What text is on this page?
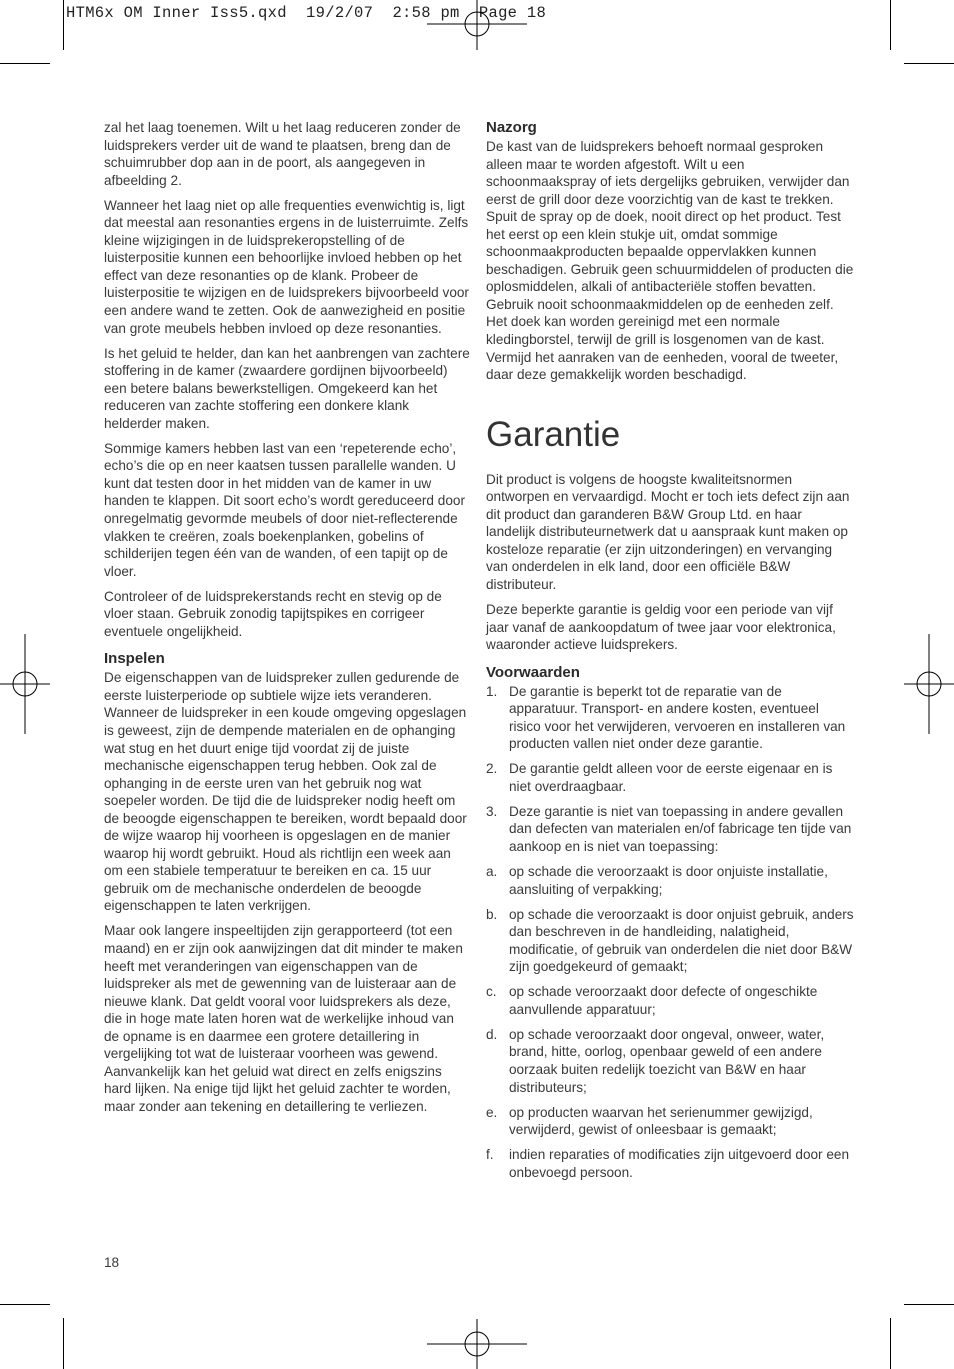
HTM6x OM Inner Iss5.qxd  19/2/07  2:58 pm  Page 18

zal het laag toenemen. Wilt u het laag reduceren zonder de luidsprekers verder uit de wand te plaatsen, breng dan de schuimrubber dop aan in de poort, als aangegeven in afbeelding 2.

Wanneer het laag niet op alle frequenties evenwichtig is, ligt dat meestal aan resonanties ergens in de luisterruimte. Zelfs kleine wijzigingen in de luidsprekeropstelling of de luisterpositie kunnen een behoorlijke invloed hebben op het effect van deze resonanties op de klank. Probeer de luisterpositie te wijzigen en de luidsprekers bijvoorbeeld voor een andere wand te zetten. Ook de aanwezigheid en positie van grote meubels hebben invloed op deze resonanties.

Is het geluid te helder, dan kan het aanbrengen van zachtere stoffering in de kamer (zwaardere gordijnen bijvoorbeeld) een betere balans bewerkstelligen. Omgekeerd kan het reduceren van zachte stoffering een donkere klank helderder maken.

Sommige kamers hebben last van een ‘repeterende echo’, echo’s die op en neer kaatsen tussen parallelle wanden. U kunt dat testen door in het midden van de kamer in uw handen te klappen. Dit soort echo’s wordt gereduceerd door onregelmatig gevormde meubels of door niet-reflecterende vlakken te creëren, zoals boekenplanken, gobelins of schilderijen tegen één van de wanden, of een tapijt op de vloer.

Controleer of de luidsprekerstands recht en stevig op de vloer staan. Gebruik zonodig tapijtspikes en corrigeer eventuele ongelijkheid.

Inspelen

De eigenschappen van de luidspreker zullen gedurende de eerste luisterperiode op subtiele wijze iets veranderen. Wanneer de luidspreker in een koude omgeving opgeslagen is geweest, zijn de dempende materialen en de ophanging wat stug en het duurt enige tijd voordat zij de juiste mechanische eigenschappen terug hebben. Ook zal de ophanging in de eerste uren van het gebruik nog wat soepeler worden. De tijd die de luidspreker nodig heeft om de beoogde eigenschappen te bereiken, wordt bepaald door de wijze waarop hij voorheen is opgeslagen en de manier waarop hij wordt gebruikt. Houd als richtlijn een week aan om een stabiele temperatuur te bereiken en ca. 15 uur gebruik om de mechanische onderdelen de beoogde eigenschappen te laten verkrijgen.

Maar ook langere inspeeltijden zijn gerapporteerd (tot een maand) en er zijn ook aanwijzingen dat dit minder te maken heeft met veranderingen van eigenschappen van de luidspreker als met de gewenning van de luisteraar aan de nieuwe klank. Dat geldt vooral voor luidsprekers als deze, die in hoge mate laten horen wat de werkelijke inhoud van de opname is en daarmee een grotere detaillering in vergelijking tot wat de luisteraar voorheen was gewend. Aanvankelijk kan het geluid wat direct en zelfs enigszins hard lijken. Na enige tijd lijkt het geluid zachter te worden, maar zonder aan tekening en detaillering te verliezen.

Nazorg

De kast van de luidsprekers behoeft normaal gesproken alleen maar te worden afgestoft. Wilt u een schoonmaakspray of iets dergelijks gebruiken, verwijder dan eerst de grill door deze voorzichtig van de kast te trekken. Spuit de spray op de doek, nooit direct op het product. Test het eerst op een klein stukje uit, omdat sommige schoonmaakproducten bepaalde oppervlakken kunnen beschadigen. Gebruik geen schuurmiddelen of producten die oplosmiddelen, alkali of antibacteriële stoffen bevatten. Gebruik nooit schoonmaakmiddelen op de eenheden zelf. Het doek kan worden gereinigd met een normale kledingborstel, terwijl de grill is losgenomen van de kast. Vermijd het aanraken van de eenheden, vooral de tweeter, daar deze gemakkelijk worden beschadigd.

Garantie

Dit product is volgens de hoogste kwaliteitsnormen ontworpen en vervaardigd. Mocht er toch iets defect zijn aan dit product dan garanderen B&W Group Ltd. en haar landelijk distributeurnetwerk dat u aanspraak kunt maken op kosteloze reparatie (er zijn uitzonderingen) en vervanging van onderdelen in elk land, door een officiële B&W distributeur.

Deze beperkte garantie is geldig voor een periode van vijf jaar vanaf de aankoopdatum of twee jaar voor elektronica, waaronder actieve luidsprekers.

Voorwaarden
1. De garantie is beperkt tot de reparatie van de apparatuur. Transport- en andere kosten, eventueel risico voor het verwijderen, vervoeren en installeren van producten vallen niet onder deze garantie.
2. De garantie geldt alleen voor de eerste eigenaar en is niet overdraagbaar.
3. Deze garantie is niet van toepassing in andere gevallen dan defecten van materialen en/of fabricage ten tijde van aankoop en is niet van toepassing:
a. op schade die veroorzaakt is door onjuiste installatie, aansluiting of verpakking;
b. op schade die veroorzaakt is door onjuist gebruik, anders dan beschreven in de handleiding, nalatigheid, modificatie, of gebruik van onderdelen die niet door B&W zijn goedgekeurd of gemaakt;
c. op schade veroorzaakt door defecte of ongeschikte aanvullende apparatuur;
d. op schade veroorzaakt door ongeval, onweer, water, brand, hitte, oorlog, openbaar geweld of een andere oorzaak buiten redelijk toezicht van B&W en haar distributeurs;
e. op producten waarvan het serienummer gewijzigd, verwijderd, gewist of onleesbaar is gemaakt;
f. indien reparaties of modificaties zijn uitgevoerd door een onbevoegd persoon.
18
